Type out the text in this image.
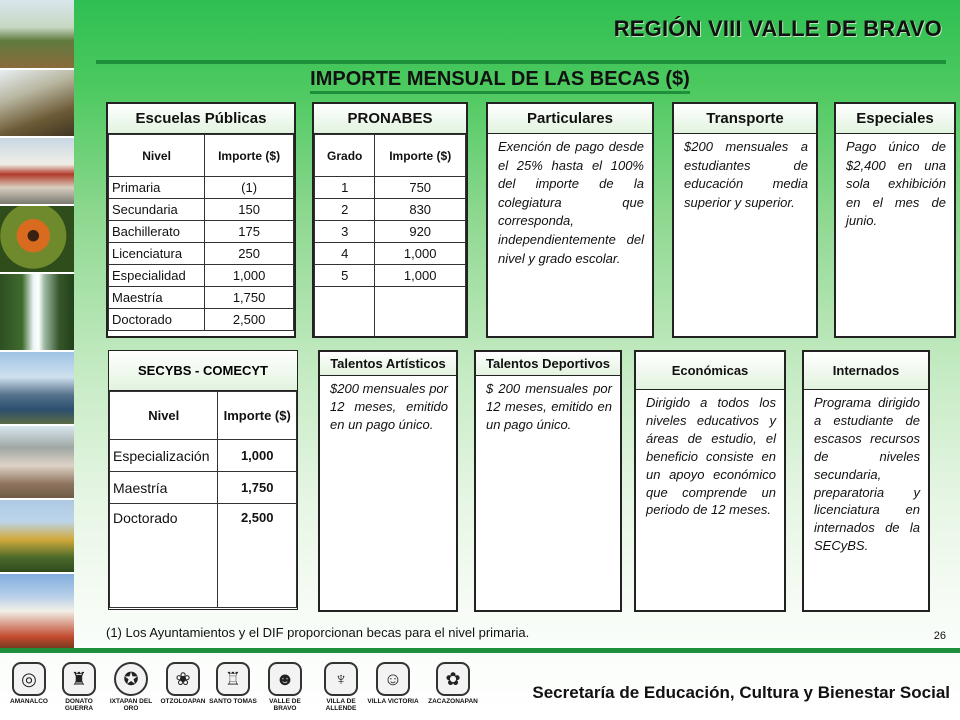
REGIÓN VIII VALLE DE BRAVO
IMPORTE MENSUAL DE LAS BECAS ($)
Escuelas Públicas
Nivel	Importe ($)
Primaria	(1)
Secundaria	150
Bachillerato	175
Licenciatura	250
Especialidad	1,000
Maestría	1,750
Doctorado	2,500
PRONABES
Grado	Importe ($)
1	750
2	830
3	920
4	1,000
5	1,000

Particulares
Exención de pago desde el 25% hasta el 100% del importe de la colegiatura que corresponda, independientemente del nivel y grado escolar.
Transporte
$200 mensuales a estudiantes de educación media superior y superior.
Especiales
Pago único de $2,400 en una sola exhibición en el mes de junio.
SECYBS - COMECYT
Nivel	Importe ($)
Especialización	1,000
Maestría	1,750
Doctorado	2,500
Talentos Artísticos
$200 mensuales por 12 meses, emitido en un pago único.
Talentos Deportivos
$ 200 mensuales por 12 meses, emitido en un pago único.
Económicas
Dirigido a todos los niveles educativos y áreas de estudio, el beneficio consiste en un apoyo económico que comprende un periodo de 12 meses.
Internados
Programa dirigido a estudiante de escasos recursos de niveles secundaria, preparatoria y licenciatura en internados de la SECyBS.
(1) Los Ayuntamientos y el DIF proporcionan becas para el nivel primaria.	26
◎
AMANALCO
♜
DONATO GUERRA
✪
IXTAPAN DEL ORO
❀
OTZOLOAPAN
♖
SANTO TOMAS
☻
VALLE DE BRAVO
♆
VILLA DE ALLENDE
☺
VILLA VICTORIA
✿
ZACAZONAPAN	Secretaría de Educación, Cultura y Bienestar Social
